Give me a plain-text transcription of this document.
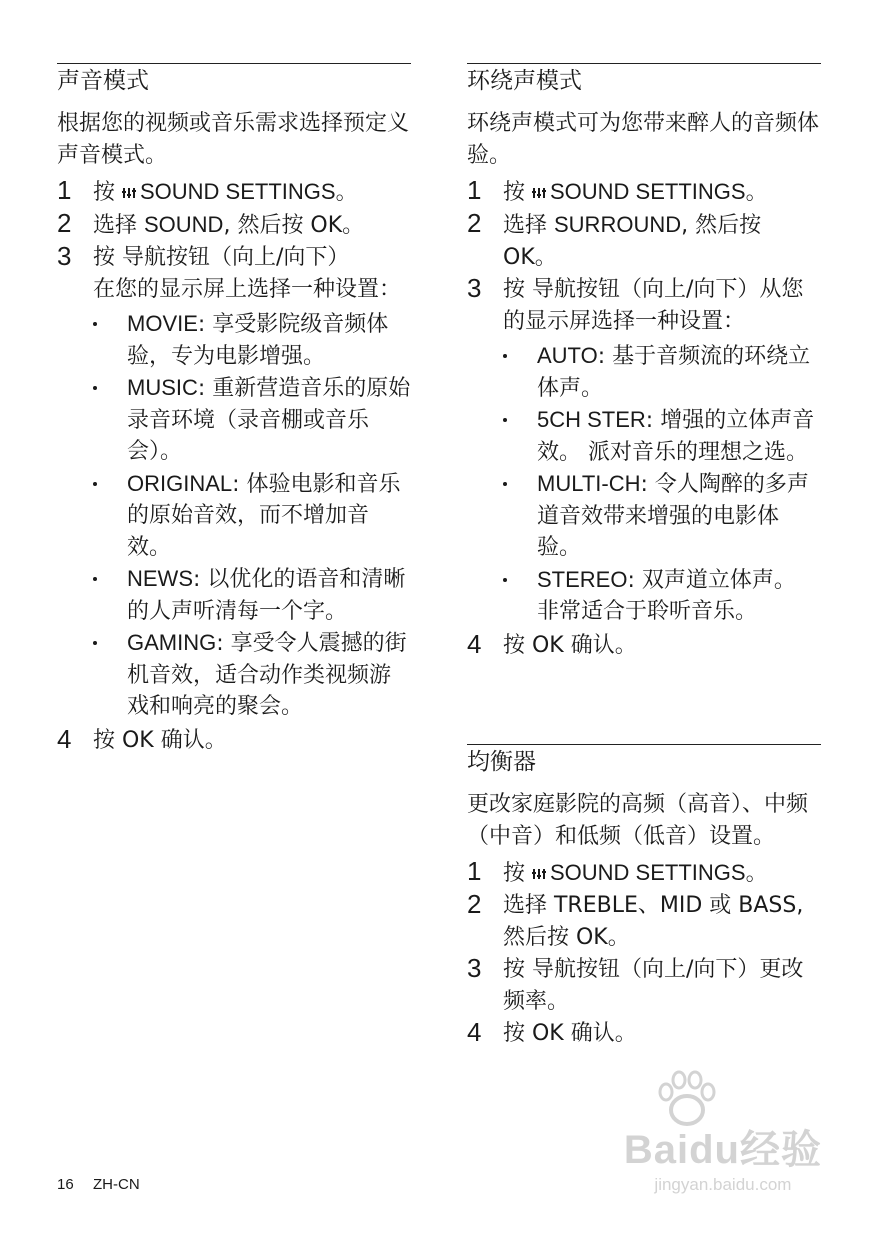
声音模式

根据您的视频或音乐需求选择预定义声音模式。

1 按 SOUND SETTINGS。
2 选择 SOUND, 然后按 OK。
3 按 导航按钮（向上/向下）
在您的显示屏上选择一种设置：
MOVIE: 享受影院级音频体验，专为电影增强。
MUSIC: 重新营造音乐的原始录音环境（录音棚或音乐会）。
ORIGINAL: 体验电影和音乐的原始音效，而不增加音效。
NEWS: 以优化的语音和清晰的人声听清每一个字。
GAMING: 享受令人震撼的街机音效，适合动作类视频游戏和响亮的聚会。
4 按 OK 确认。
环绕声模式

环绕声模式可为您带来醉人的音频体验。

1 按 SOUND SETTINGS。
2 选择 SURROUND, 然后按 OK。
3 按 导航按钮（向上/向下）从您的显示屏选择一种设置：
AUTO: 基于音频流的环绕立体声。
5CH STER: 增强的立体声音效。 派对音乐的理想之选。
MULTI-CH: 令人陶醉的多声道音效带来增强的电影体验。
STEREO: 双声道立体声。 非常适合于聆听音乐。
4 按 OK 确认。
均衡器

更改家庭影院的高频（高音）、中频（中音）和低频（低音）设置。

1 按 SOUND SETTINGS。
2 选择 TREBLE、MID 或 BASS, 然后按 OK。
3 按 导航按钮（向上/向下）更改频率。
4 按 OK 确认。
16 ZH-CN
Baidu经验
jingyan.baidu.com
